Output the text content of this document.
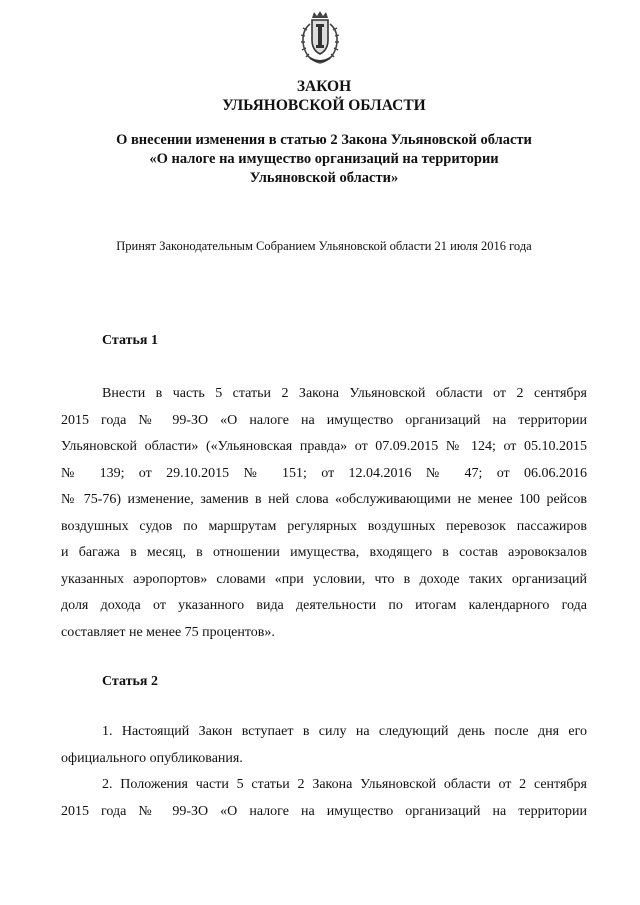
ЗАКОН
УЛЬЯНОВСКОЙ ОБЛАСТИ
О внесении изменения в статью 2 Закона Ульяновской области
«О налоге на имущество организаций на территории
Ульяновской области»
Принят Законодательным Собранием Ульяновской области 21 июля 2016 года
Статья 1
Внести в часть 5 статьи 2 Закона Ульяновской области от 2 сентября
2015 года № 99-ЗО «О налоге на имущество организаций на территории
Ульяновской области» («Ульяновская правда» от 07.09.2015 № 124; от 05.10.2015
№ 139; от 29.10.2015 № 151; от 12.04.2016 № 47; от 06.06.2016
№ 75-76) изменение, заменив в ней слова «обслуживающими не менее 100 рейсов
воздушных судов по маршрутам регулярных воздушных перевозок пассажиров
и багажа в месяц, в отношении имущества, входящего в состав аэровокзалов
указанных аэропортов» словами «при условии, что в доходе таких организаций
доля дохода от указанного вида деятельности по итогам календарного года
составляет не менее 75 процентов».
Статья 2
1. Настоящий Закон вступает в силу на следующий день после дня его
официального опубликования.
2. Положения части 5 статьи 2 Закона Ульяновской области от 2 сентября
2015 года № 99-ЗО «О налоге на имущество организаций на территории
